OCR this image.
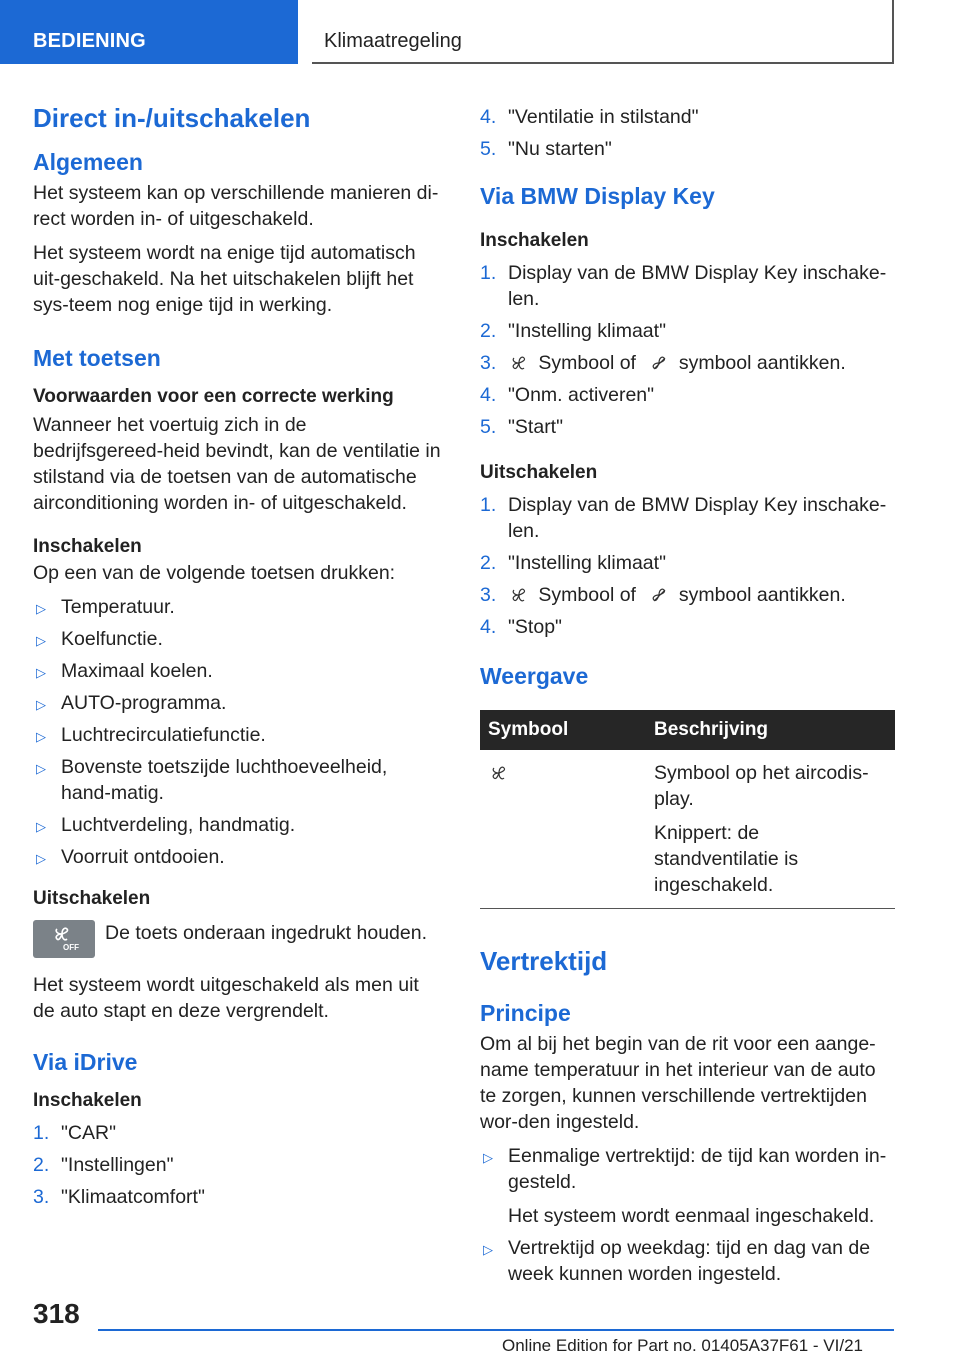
BEDIENING	Klimaatregeling
Direct in-/uitschakelen
Algemeen

Het systeem kan op verschillende manieren di-rect worden in- of uitgeschakeld.

Het systeem wordt na enige tijd automatisch uit-geschakeld. Na het uitschakelen blijft het sys-teem nog enige tijd in werking.

Met toetsen
Voorwaarden voor een correcte werking

Wanneer het voertuig zich in de bedrijfsgereed-heid bevindt, kan de ventilatie in stilstand via de toetsen van de automatische airconditioning worden in- of uitgeschakeld.

Inschakelen

Op een van de volgende toetsen drukken:

▷ Temperatuur.
▷ Koelfunctie.
▷ Maximaal koelen.
▷ AUTO-programma.
▷ Luchtrecirculatiefunctie.
▷ Bovenste toetszijde luchthoeveelheid, hand-matig.
▷ Luchtverdeling, handmatig.
▷ Voorruit ontdooien.
Uitschakelen
OFF
De toets onderaan ingedrukt houden.

Het systeem wordt uitgeschakeld als men uit de auto stapt en deze vergrendelt.

Via iDrive
Inschakelen
1. "CAR"
2. "Instellingen"
3. "Klimaatcomfort"
4. "Ventilatie in stilstand"
5. "Nu starten"
Via BMW Display Key
Inschakelen
1. Display van de BMW Display Key inschake-len.
2. "Instelling klimaat"
3. Symbool of symbool aantikken.
4. "Onm. activeren"
5. "Start"
Uitschakelen
1. Display van de BMW Display Key inschake-len.
2. "Instelling klimaat"
3. Symbool of symbool aantikken.
4. "Stop"
Weergave
Symbool	Beschrijving

Symbool op het aircodis-play.
Knippert: de standventilatie is ingeschakeld.
Vertrektijd
Principe

Om al bij het begin van de rit voor een aange-name temperatuur in het interieur van de auto te zorgen, kunnen verschillende vertrektijden wor-den ingesteld.

▷ Eenmalige vertrektijd: de tijd kan worden in-gesteld.
Het systeem wordt eenmaal ingeschakeld.
▷ Vertrektijd op weekdag: tijd en dag van de week kunnen worden ingesteld.
318
Online Edition for Part no. 01405A37F61 - VI/21
